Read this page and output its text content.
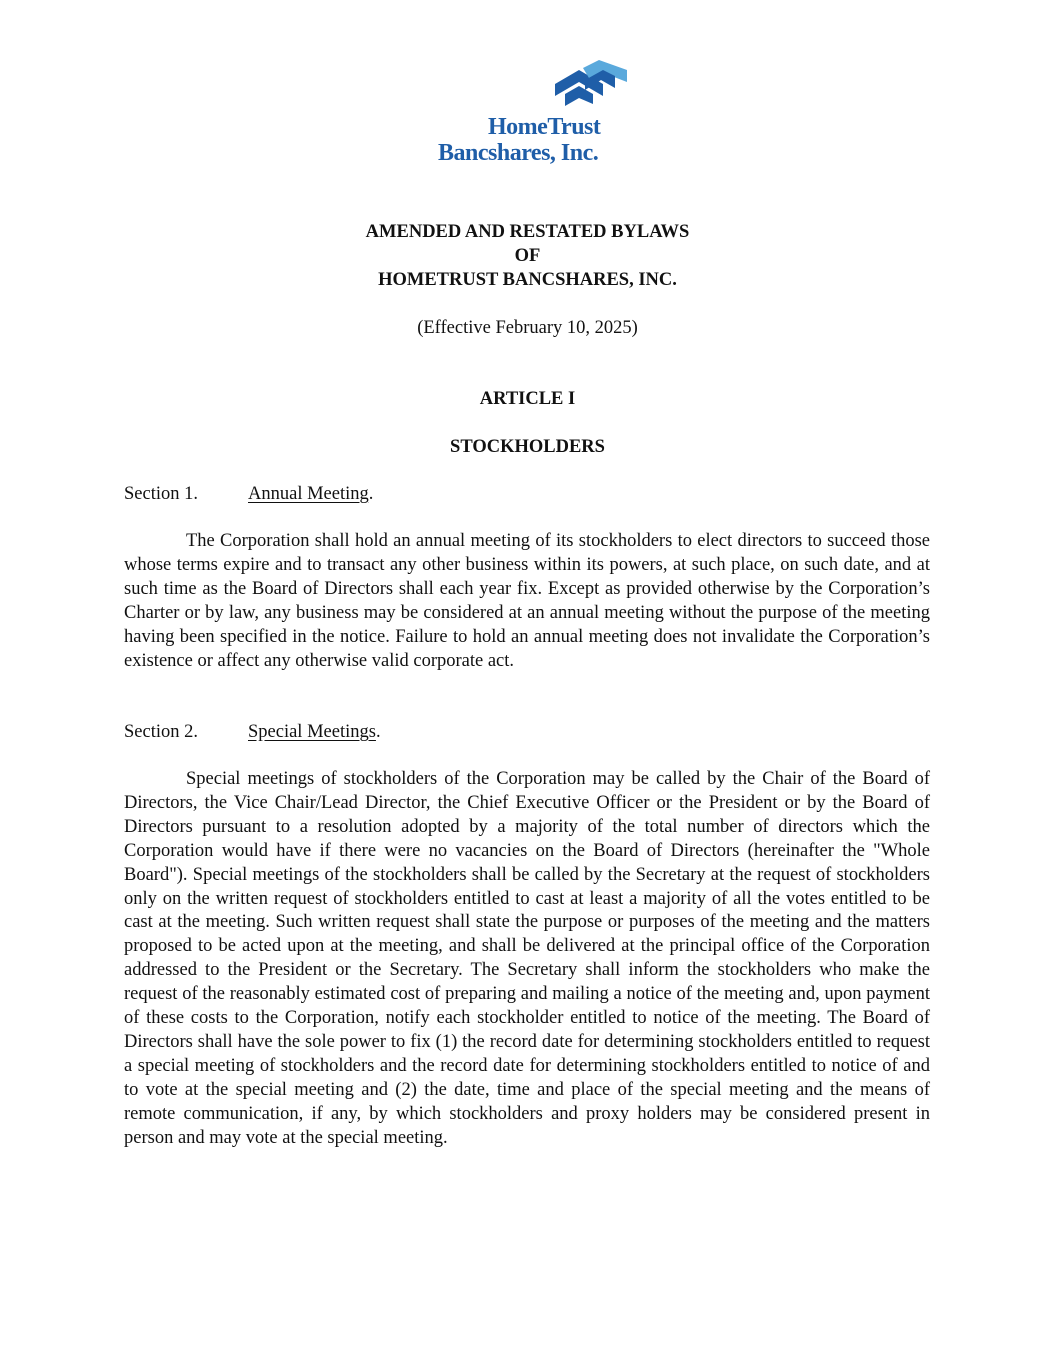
HomeTrust
Bancshares, Inc.
AMENDED AND RESTATED BYLAWS
OF
HOMETRUST BANCSHARES, INC.
(Effective February 10, 2025)
ARTICLE I
STOCKHOLDERS
Section 1.	Annual Meeting.

The Corporation shall hold an annual meeting of its stockholders to elect directors to succeed those whose terms expire and to transact any other business within its powers, at such place, on such date, and at such time as the Board of Directors shall each year fix. Except as provided otherwise by the Corporation’s Charter or by law, any business may be considered at an annual meeting without the purpose of the meeting having been specified in the notice. Failure to hold an annual meeting does not invalidate the Corporation’s existence or affect any otherwise valid corporate act.

Section 2.	Special Meetings.

Special meetings of stockholders of the Corporation may be called by the Chair of the Board of Directors, the Vice Chair/Lead Director, the Chief Executive Officer or the President or by the Board of Directors pursuant to a resolution adopted by a majority of the total number of directors which the Corporation would have if there were no vacancies on the Board of Directors (hereinafter the "Whole Board"). Special meetings of the stockholders shall be called by the Secretary at the request of stockholders only on the written request of stockholders entitled to cast at least a majority of all the votes entitled to be cast at the meeting. Such written request shall state the purpose or purposes of the meeting and the matters proposed to be acted upon at the meeting, and shall be delivered at the principal office of the Corporation addressed to the President or the Secretary. The Secretary shall inform the stockholders who make the request of the reasonably estimated cost of preparing and mailing a notice of the meeting and, upon payment of these costs to the Corporation, notify each stockholder entitled to notice of the meeting. The Board of Directors shall have the sole power to fix (1) the record date for determining stockholders entitled to request a special meeting of stockholders and the record date for determining stockholders entitled to notice of and to vote at the special meeting and (2) the date, time and place of the special meeting and the means of remote communication, if any, by which stockholders and proxy holders may be considered present in person and may vote at the special meeting.
